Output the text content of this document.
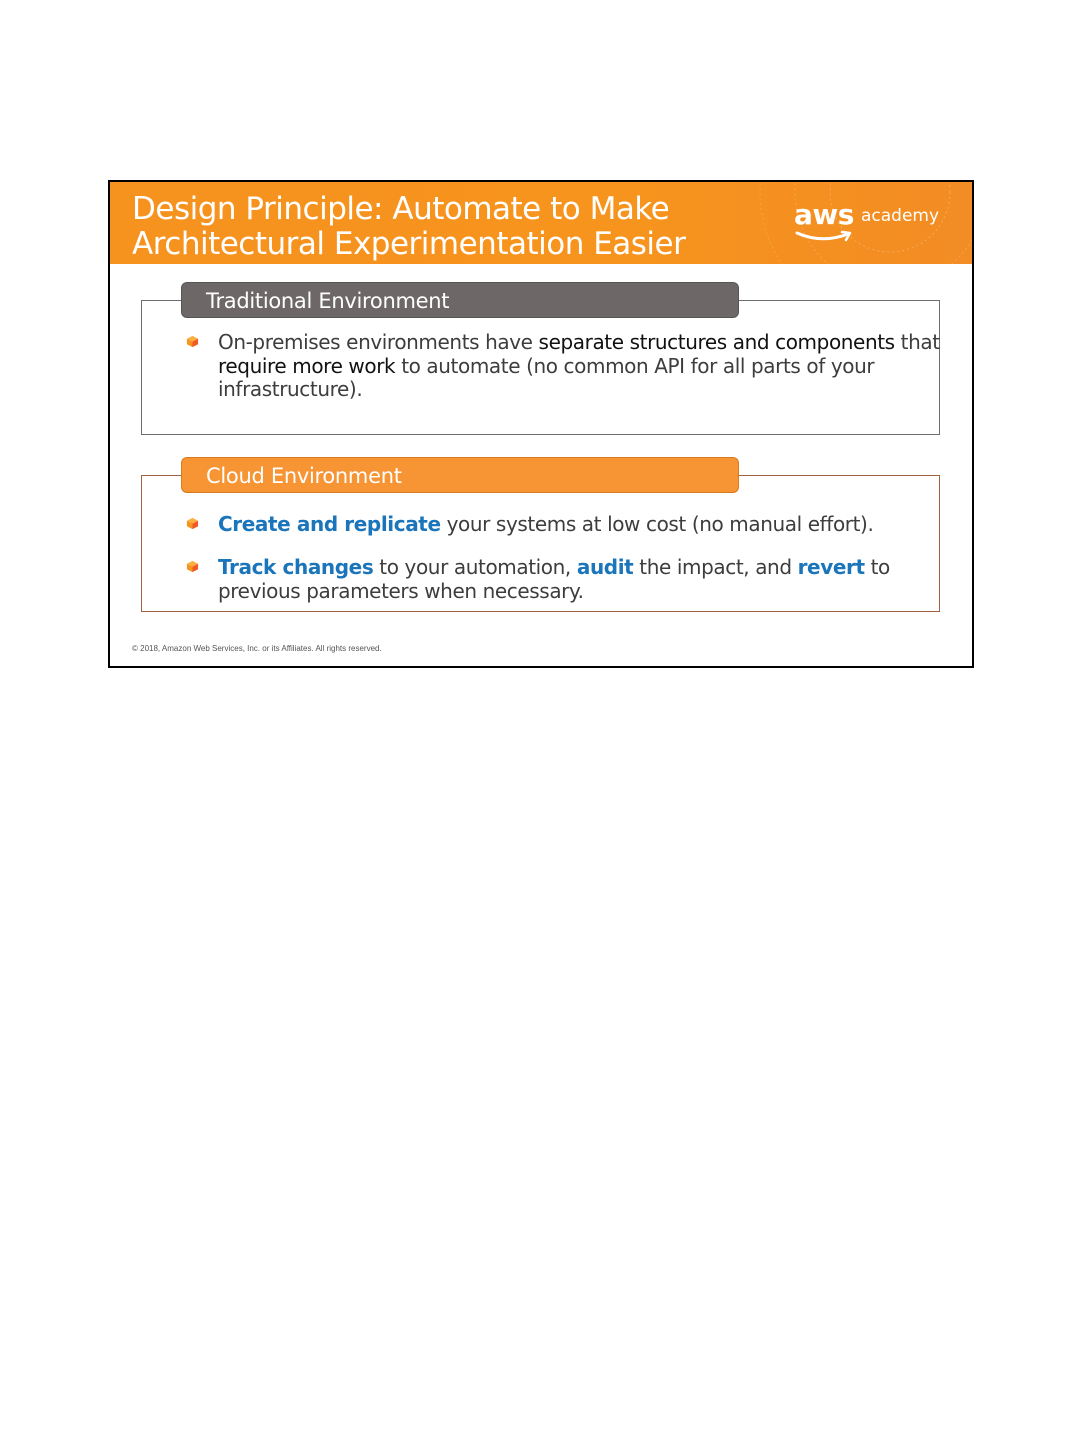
Design Principle: Automate to Make
Architectural Experimentation Easier
aws academy
On-premises environments have separate structures and components that require more work to automate (no common API for all parts of your infrastructure).
Traditional Environment
Create and replicate your systems at low cost (no manual effort).
Track changes to your automation, audit the impact, and revert to previous parameters when necessary.
Cloud Environment
© 2018, Amazon Web Services, Inc. or its Affiliates. All rights reserved.
